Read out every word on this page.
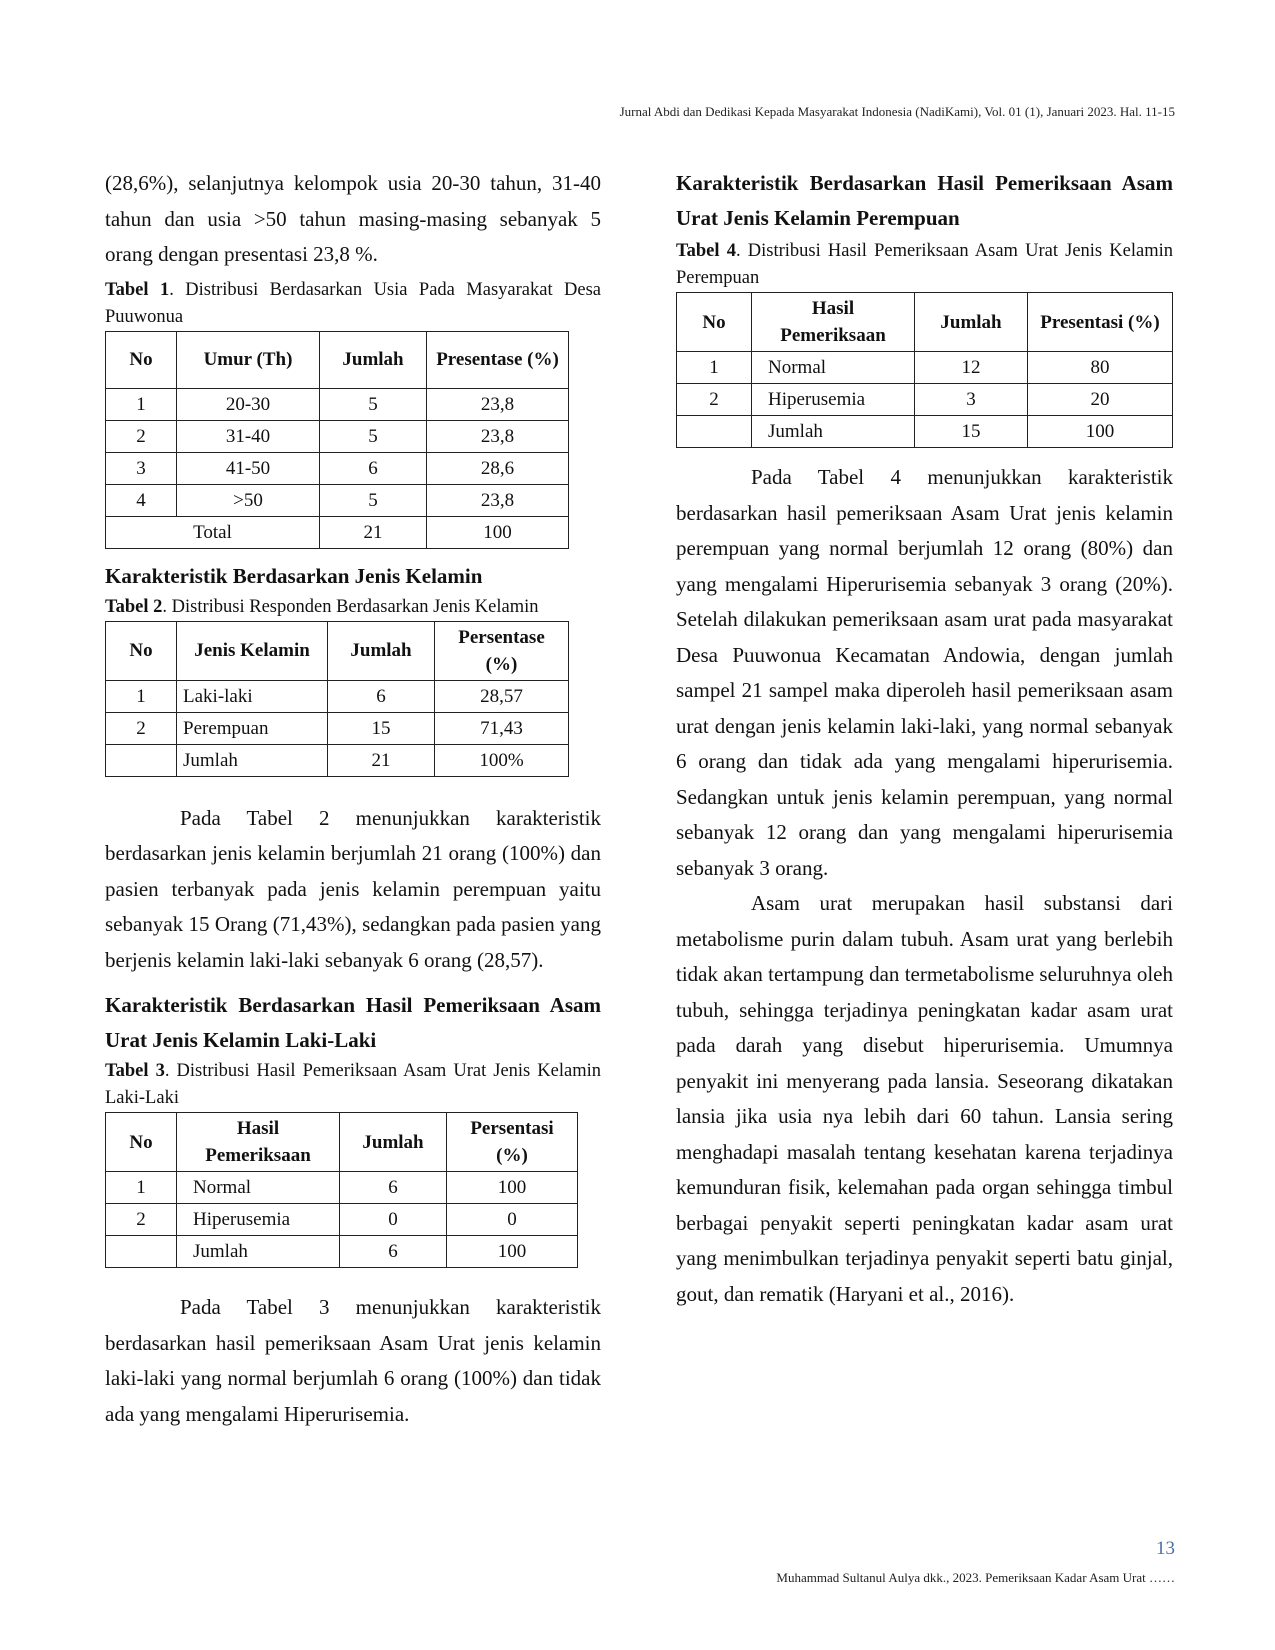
Jurnal Abdi dan Dedikasi Kepada Masyarakat Indonesia (NadiKami), Vol. 01 (1), Januari 2023. Hal. 11-15

(28,6%), selanjutnya kelompok usia 20-30 tahun, 31-40 tahun dan usia >50 tahun masing-masing sebanyak 5 orang dengan presentasi 23,8 %.

Tabel 1. Distribusi Berdasarkan Usia Pada Masyarakat Desa Puuwonua
No	Umur (Th)	Jumlah	Presentase (%)
1	20-30	5	23,8
2	31-40	5	23,8
3	41-50	6	28,6
4	>50	5	23,8
Total		21	100
Karakteristik Berdasarkan Jenis Kelamin
Tabel 2. Distribusi Responden Berdasarkan Jenis Kelamin
No	Jenis Kelamin	Jumlah	Persentase (%)
1	Laki-laki	6	28,57
2	Perempuan	15	71,43
	Jumlah	21	100%

Pada Tabel 2 menunjukkan karakteristik berdasarkan jenis kelamin berjumlah 21 orang (100%) dan pasien terbanyak pada jenis kelamin perempuan yaitu sebanyak 15 Orang (71,43%), sedangkan pada pasien yang berjenis kelamin laki-laki sebanyak 6 orang (28,57).

Karakteristik Berdasarkan Hasil Pemeriksaan Asam Urat Jenis Kelamin Laki-Laki
Tabel 3. Distribusi Hasil Pemeriksaan Asam Urat Jenis Kelamin Laki-Laki
No	Hasil Pemeriksaan	Jumlah	Persentasi (%)
1	Normal	6	100
2	Hiperusemia	0	0
	Jumlah	6	100

Pada Tabel 3 menunjukkan karakteristik berdasarkan hasil pemeriksaan Asam Urat jenis kelamin laki-laki yang normal berjumlah 6 orang (100%) dan tidak ada yang mengalami Hiperurisemia.

Karakteristik Berdasarkan Hasil Pemeriksaan Asam Urat Jenis Kelamin Perempuan
Tabel 4. Distribusi Hasil Pemeriksaan Asam Urat Jenis Kelamin Perempuan
No	Hasil Pemeriksaan	Jumlah	Presentasi (%)
1	Normal	12	80
2	Hiperusemia	3	20
	Jumlah	15	100

Pada Tabel 4 menunjukkan karakteristik berdasarkan hasil pemeriksaan Asam Urat jenis kelamin perempuan yang normal berjumlah 12 orang (80%) dan yang mengalami Hiperurisemia sebanyak 3 orang (20%). Setelah dilakukan pemeriksaan asam urat pada masyarakat Desa Puuwonua Kecamatan Andowia, dengan jumlah sampel 21 sampel maka diperoleh hasil pemeriksaan asam urat dengan jenis kelamin laki-laki, yang normal sebanyak 6 orang dan tidak ada yang mengalami hiperurisemia. Sedangkan untuk jenis kelamin perempuan, yang normal sebanyak 12 orang dan yang mengalami hiperurisemia sebanyak 3 orang.

Asam urat merupakan hasil substansi dari metabolisme purin dalam tubuh. Asam urat yang berlebih tidak akan tertampung dan termetabolisme seluruhnya oleh tubuh, sehingga terjadinya peningkatan kadar asam urat pada darah yang disebut hiperurisemia. Umumnya penyakit ini menyerang pada lansia. Seseorang dikatakan lansia jika usia nya lebih dari 60 tahun. Lansia sering menghadapi masalah tentang kesehatan karena terjadinya kemunduran fisik, kelemahan pada organ sehingga timbul berbagai penyakit seperti peningkatan kadar asam urat yang menimbulkan terjadinya penyakit seperti batu ginjal, gout, dan rematik (Haryani et al., 2016).

13
Muhammad Sultanul Aulya dkk., 2023. Pemeriksaan Kadar Asam Urat ……
